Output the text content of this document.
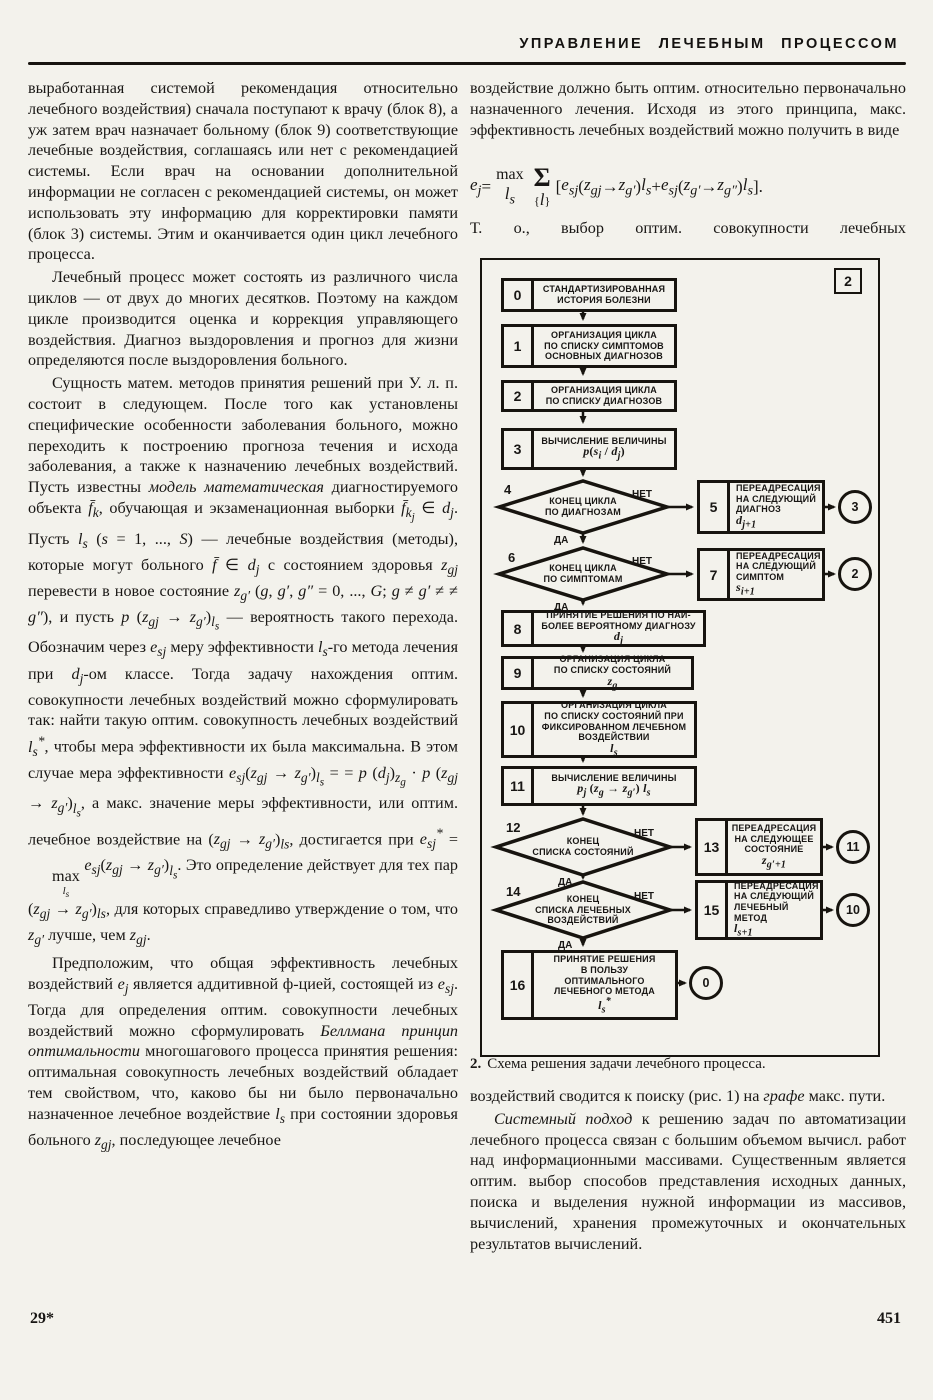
УПРАВЛЕНИЕ ЛЕЧЕБНЫМ ПРОЦЕССОМ

выработанная системой рекомендация относительно лечебного воздействия) сначала поступают к врачу (блок 8), а уж затем врач назначает больному (блок 9) соответствующие лечебные воздействия, соглашаясь или нет с рекомендацией системы. Если врач на основании дополнительной информации не согласен с рекомендацией системы, он может использовать эту информацию для корректировки памяти (блок 3) системы. Этим и оканчивается один цикл лечебного процесса.

Лечебный процесс может состоять из различного числа циклов — от двух до многих десятков. Поэтому на каждом цикле производится оценка и коррекция управляющего воздействия. Диагноз выздоровления и прогноз для жизни определяются после выздоровления больного.

Сущность матем. методов принятия решений при У. л. п. состоит в следующем. После того как установлены специфические особенности заболевания больного, можно переходить к построению прогноза течения и исхода заболевания, а также к назначению лечебных воздействий. Пусть известны модель математическая диагностируемого объекта $f̄_k$, обучающая и экзаменационная выборки $f̄_{k_j}$ ∈ $d_j$. Пусть $l_s$ (s = 1, ..., S) — лечебные воздействия (методы), которые могут больного f̄ ∈ $d_j$ с состоянием здоровья $z_{gj}$ перевести в новое состояние $z_{g'}$ (g, g′, g″ = 0, ..., G; g ≠ g′ ≠ ≠ g″), и пусть p $(z_{gj} \to z_{g'})_{l_s}$ — вероятность такого перехода. Обозначим через $e_{sj}$ меру эффективности $l_s-го$ метода лечения при $d_j-ом$ классе. Тогда задачу нахождения оптим. совокупности лечебных воздействий можно сформулировать так: найти такую оптим. совокупность лечебных воздействий $l_s^*$, чтобы мера эффективности их была максимальна. В этом случае мера эффективности $e_{sj}(z_{gj} \to z_{g'})_{l_s}$ = = p $(d_j)_{z_g} \cdot p$ $(z_{gj} \to z_{g'})_{l_s}$, а макс. значение меры эффективности, или оптим. лечебное воздействие на $(z_{gj} \to z_{g'})_{ls}$, достигается при $e_{sj}^*$ =
max
$l_s$
$e_{sj}(z_{gj} \to z_{g'})_{l_s}$. Это определение действует для тех пар $(z_{gj} \to z_{g'})_{ls}$, для которых справедливо утверждение о том, что $z_{g'}$ лучше, чем $z_{gj}$.

Предположим, что общая эффективность лечебных воздействий $e_j$ является аддитивной ф-цией, состоящей из $e_{sj}$. Тогда для определения оптим. совокупности лечебных воздействий можно сформулировать Беллмана принцип оптимальности многошагового процесса принятия решения: оптимальная совокупность лечебных воздействий обладает тем свойством, что, каково бы ни было первоначально назначенное лечебное воздействие $l_s$ при состоянии здоровья больного $z_{gj}$, последующее лечебное

воздействие должно быть оптим. относительно первоначально назначенного лечения. Исходя из этого принципа, макс. эффективность лечебных воздействий можно получить в виде

$e_j$ =
max
$l_s$
Σ
{l}
[ $e_{sj}$ ( $z_{gj} \to z_{g'}$ ) $l_s + e_{sj}$ ( $z_{g'} \to z_{g''}$ ) $l_s$ ].
Т. о., выбор оптим. совокупности лечебных
2
0	СТАНДАРТИЗИРОВАННАЯ
ИСТОРИЯ БОЛЕЗНИ
1
ОРГАНИЗАЦИЯ ЦИКЛА
ПО СПИСКУ СИМПТОМОВ
ОСНОВНЫХ ДИАГНОЗОВ
2	ОРГАНИЗАЦИЯ ЦИКЛА
ПО СПИСКУ ДИАГНОЗОВ
3
ВЫЧИСЛЕНИЕ ВЕЛИЧИНЫ

$p(s_i / d_j)$
8
ПРИНЯТИЕ РЕШЕНИЯ ПО НАИ-
БОЛЕЕ ВЕРОЯТНОМУ ДИАГНОЗУ
$d_j$
9
ОРГАНИЗАЦИЯ ЦИКЛА
ПО СПИСКУ СОСТОЯНИЙ
$z_g$
10
ОРГАНИЗАЦИЯ ЦИКЛА
ПО СПИСКУ СОСТОЯНИЙ ПРИ
ФИКСИРОВАННОМ ЛЕЧЕБНОМ
ВОЗДЕЙСТВИИ
$l_s$
11
ВЫЧИСЛЕНИЕ ВЕЛИЧИНЫ

$p_j$ $(z_g \to z_{g'})$ $l_s$
16
ПРИНЯТИЕ РЕШЕНИЯ
В ПОЛЬЗУ
ОПТИМАЛЬНОГО
ЛЕЧЕБНОГО МЕТОДА
$l_s^*$
5
ПЕРЕАДРЕСАЦИЯ
НА СЛЕДУЮЩИЙ
ДИАГНОЗ
$d_{j+1}$
7
ПЕРЕАДРЕСАЦИЯ
НА СЛЕДУЮЩИЙ
СИМПТОМ
$s_{i+1}$
13
ПЕРЕАДРЕСАЦИЯ
НА СЛЕДУЮЩЕЕ
СОСТОЯНИЕ

$z_{g'+1}$
15
ПЕРЕАДРЕСАЦИЯ
НА СЛЕДУЮЩИЙ
ЛЕЧЕБНЫЙ
МЕТОД
$l_{s+1}$
КОНЕЦ ЦИКЛА
ПО ДИАГНОЗАМ
4
КОНЕЦ ЦИКЛА
ПО СИМПТОМАМ
6
КОНЕЦ
СПИСКА СОСТОЯНИЙ
12
КОНЕЦ
СПИСКА ЛЕЧЕБНЫХ
ВОЗДЕЙСТВИЙ
14
НЕТ
ДА
НЕТ
ДА
НЕТ
ДА
НЕТ
ДА
3
2
11
10
0
2. Схема решения задачи лечебного процесса.

воздействий сводится к поиску (рис. 1) на графе макс. пути.

Системный подход к решению задач по автоматизации лечебного процесса связан с большим объемом вычисл. работ над информационными массивами. Существенным является оптим. выбор способов представления исходных данных, поиска и выделения нужной информации из массивов, вычислений, хранения промежуточных и окончательных результатов вычислений.

29*	451
